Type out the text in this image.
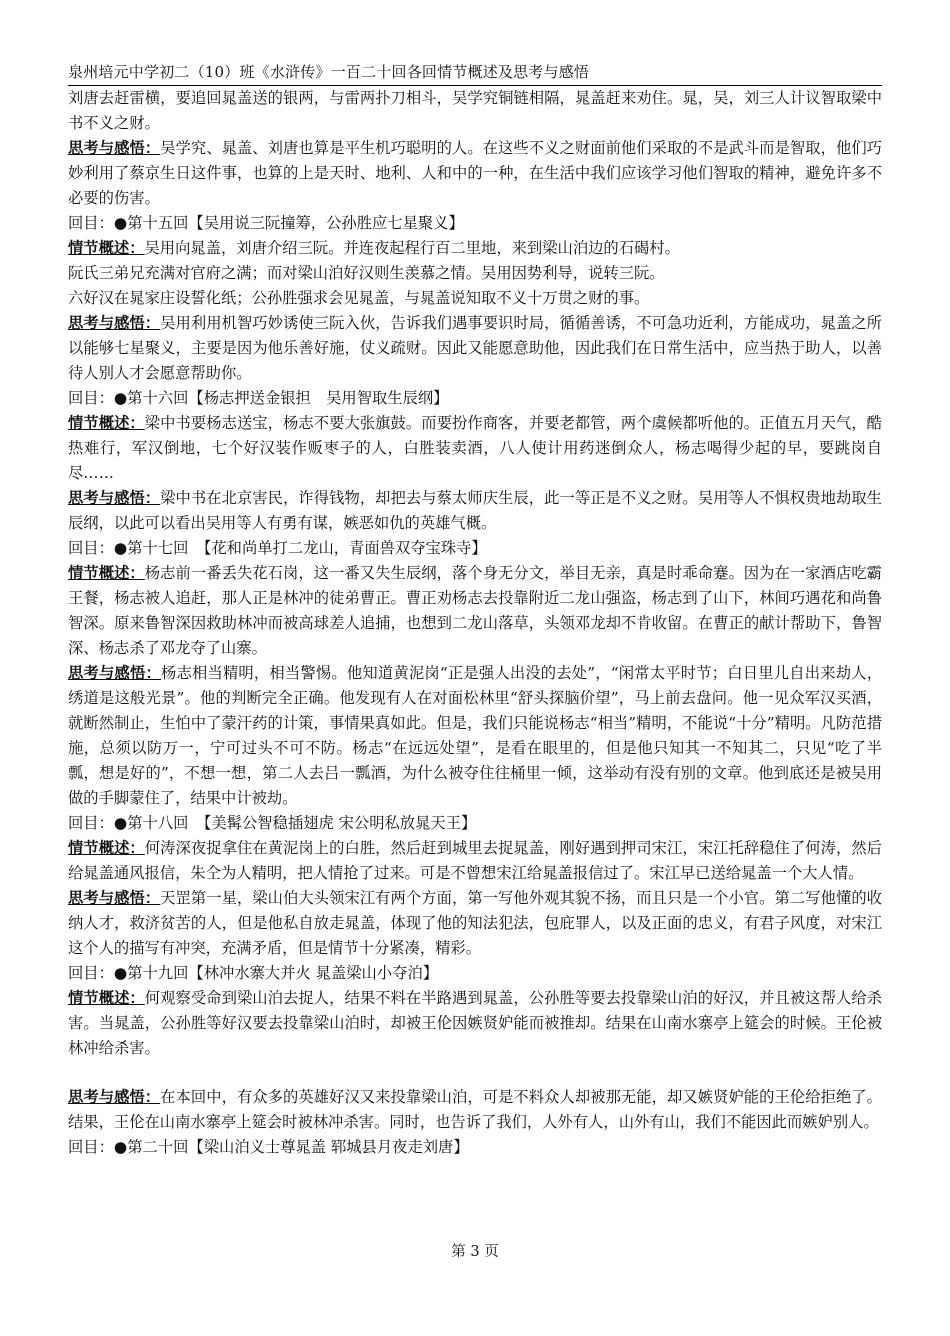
泉州培元中学初二（10）班《水浒传》一百二十回各回情节概述及思考与感悟

刘唐去赶雷横，要追回晁盖送的银两，与雷两扑刀相斗，吴学究铜链相隔，晁盖赶来劝住。晁，吴，刘三人计议智取梁中书不义之财。

思考与感悟：吴学究、晁盖、刘唐也算是平生机巧聪明的人。在这些不义之财面前他们采取的不是武斗而是智取，他们巧妙利用了蔡京生日这件事，也算的上是天时、地利、人和中的一种，在生活中我们应该学习他们智取的精神，避免许多不必要的伤害。

回目：●第十五回【吴用说三阮撞筹，公孙胜应七星聚义】

情节概述：吴用向晁盖，刘唐介绍三阮。并连夜起程行百二里地，来到梁山泊边的石碣村。

阮氏三弟兄充满对官府之满；而对梁山泊好汉则生羡慕之情。吴用因势利导，说转三阮。

六好汉在晁家庄设誓化纸；公孙胜强求会见晁盖，与晁盖说知取不义十万贯之财的事。

思考与感悟：吴用利用机智巧妙诱使三阮入伙，告诉我们遇事要识时局，循循善诱，不可急功近利，方能成功，晁盖之所以能够七星聚义，主要是因为他乐善好施，仗义疏财。因此又能愿意助他，因此我们在日常生活中，应当热于助人，以善待人别人才会愿意帮助你。

回目：●第十六回【杨志押送金银担　吴用智取生辰纲】

情节概述：梁中书要杨志送宝，杨志不要大张旗鼓。而要扮作商客，并要老都管，两个虞候都听他的。正值五月天气，酷热难行，军汉倒地，七个好汉装作贩枣子的人，白胜装卖酒，八人使计用药迷倒众人，杨志喝得少起的早，要跳岗自尽……

思考与感悟：梁中书在北京害民，诈得钱物，却把去与蔡太师庆生辰，此一等正是不义之财。吴用等人不惧权贵地劫取生辰纲，以此可以看出吴用等人有勇有谋，嫉恶如仇的英雄气概。

回目：●第十七回　【花和尚单打二龙山，青面兽双夺宝珠寺】

情节概述：杨志前一番丢失花石岗，这一番又失生辰纲，落个身无分文，举目无亲，真是时乖命蹇。因为在一家酒店吃霸王餐，杨志被人追赶，那人正是林冲的徒弟曹正。曹正劝杨志去投靠附近二龙山强盗，杨志到了山下，林间巧遇花和尚鲁智深。原来鲁智深因救助林冲而被高球差人追捕，也想到二龙山落草，头领邓龙却不肯收留。在曹正的献计帮助下，鲁智深、杨志杀了邓龙夺了山寨。

思考与感悟：杨志相当精明，相当警惕。他知道黄泥岗“正是强人出没的去处”，“闲常太平时节；白日里儿自出来劫人，绣道是这般光景”。他的判断完全正确。他发现有人在对面松林里“舒头探脑价望”，马上前去盘问。他一见众军汉买酒，就断然制止，生怕中了蒙汗药的计策，事情果真如此。但是，我们只能说杨志“相当”精明，不能说“十分”精明。凡防范措施，总须以防万一，宁可过头不可不防。杨志“在远远处望”，是看在眼里的，但是他只知其一不知其二，只见“吃了半瓢，想是好的”，不想一想，第二人去吕一瓢酒，为什么被夺住往桶里一倾，这举动有没有别的文章。他到底还是被吴用做的手脚蒙住了，结果中计被劫。

回目：●第十八回　【美髯公智稳插翅虎 宋公明私放晁天王】

情节概述：何涛深夜捉拿住在黄泥岗上的白胜，然后赶到城里去捉晁盖，刚好遇到押司宋江，宋江托辞稳住了何涛，然后给晁盖通风报信，朱仝为人精明，把人情抢了过来。可是不曾想宋江给晁盖报信过了。宋江早已送给晁盖一个大人情。

思考与感悟：天罡第一星，梁山伯大头领宋江有两个方面，第一写他外观其貌不扬，而且只是一个小官。第二写他懂的收纳人才，救济贫苦的人，但是他私自放走晁盖，体现了他的知法犯法，包庇罪人，以及正面的忠义，有君子风度，对宋江这个人的描写有冲突，充满矛盾，但是情节十分紧凑，精彩。

回目：●第十九回【林冲水寨大并火 晁盖梁山小夺泊】

情节概述：何观察受命到梁山泊去捉人，结果不料在半路遇到晁盖，公孙胜等要去投靠梁山泊的好汉，并且被这帮人给杀害。当晁盖，公孙胜等好汉要去投靠梁山泊时，却被王伦因嫉贤妒能而被推却。结果在山南水寨亭上筵会的时候。王伦被林冲给杀害。

思考与感悟：在本回中，有众多的英雄好汉又来投靠梁山泊，可是不料众人却被那无能，却又嫉贤妒能的王伦给拒绝了。结果，王伦在山南水寨亭上筵会时被林冲杀害。同时，也告诉了我们，人外有人，山外有山，我们不能因此而嫉妒别人。

回目：●第二十回【梁山泊义士尊晁盖 郓城县月夜走刘唐】

第 3 页
